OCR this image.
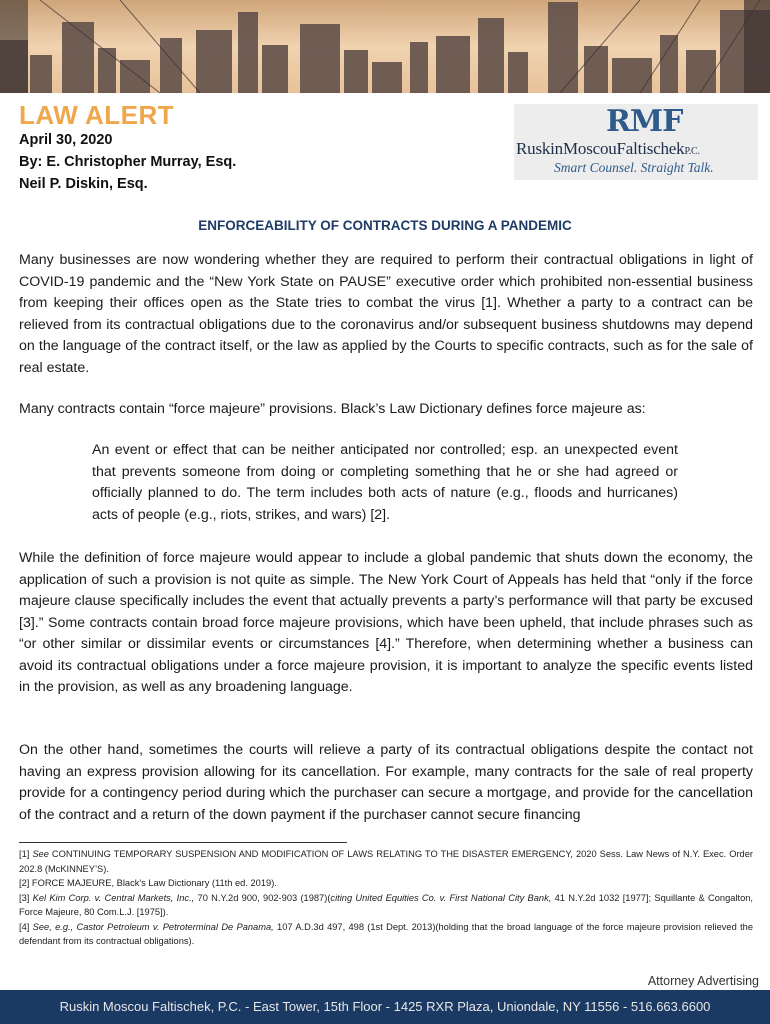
LAW ALERT
April 30, 2020
By: E. Christopher Murray, Esq.
Neil P. Diskin, Esq.
RMF
RuskinMoscouFaltischekP.C.
Smart Counsel. Straight Talk.
ENFORCEABILITY OF CONTRACTS DURING A PANDEMIC

Many businesses are now wondering whether they are required to perform their contractual obligations in light of COVID-19 pandemic and the “New York State on PAUSE” executive order which prohibited non-essential business from keeping their offices open as the State tries to combat the virus [1]. Whether a party to a contract can be relieved from its contractual obligations due to the coronavirus and/or subsequent business shutdowns may depend on the language of the contract itself, or the law as applied by the Courts to specific contracts, such as for the sale of real estate.

Many contracts contain “force majeure” provisions. Black’s Law Dictionary defines force majeure as:

An event or effect that can be neither anticipated nor controlled; esp. an unexpected event that prevents someone from doing or completing something that he or she had agreed or officially planned to do. The term includes both acts of nature (e.g., floods and hurricanes) acts of people (e.g., riots, strikes, and wars) [2].

While the definition of force majeure would appear to include a global pandemic that shuts down the economy, the application of such a provision is not quite as simple. The New York Court of Appeals has held that “only if the force majeure clause specifically includes the event that actually prevents a party’s performance will that party be excused [3].” Some contracts contain broad force majeure provisions, which have been upheld, that include phrases such as “or other similar or dissimilar events or circumstances [4].” Therefore, when determining whether a business can avoid its contractual obligations under a force majeure provision, it is important to analyze the specific events listed in the provision, as well as any broadening language.

On the other hand, sometimes the courts will relieve a party of its contractual obligations despite the contact not having an express provision allowing for its cancellation. For example, many contracts for the sale of real property provide for a contingency period during which the purchaser can secure a mortgage, and provide for the cancellation of the contract and a return of the down payment if the purchaser cannot secure financing

[1] See CONTINUING TEMPORARY SUSPENSION AND MODIFICATION OF LAWS RELATING TO THE DISASTER EMERGENCY, 2020 Sess. Law News of N.Y. Exec. Order 202.8 (McKINNEY’S).
[2] FORCE MAJEURE, Black's Law Dictionary (11th ed. 2019).
[3] Kel Kim Corp. v. Central Markets, Inc., 70 N.Y.2d 900, 902-903 (1987)(citing United Equities Co. v. First National City Bank, 41 N.Y.2d 1032 [1977]; Squillante & Congalton, Force Majeure, 80 Com.L.J. [1975]).
[4] See, e.g., Castor Petroleum v. Petroterminal De Panama, 107 A.D.3d 497, 498 (1st Dept. 2013)(holding that the broad language of the force majeure provision relieved the defendant from its contractual obligations).
Attorney Advertising
Ruskin Moscou Faltischek, P.C. - East Tower, 15th Floor - 1425 RXR Plaza, Uniondale, NY 11556 - 516.663.6600
